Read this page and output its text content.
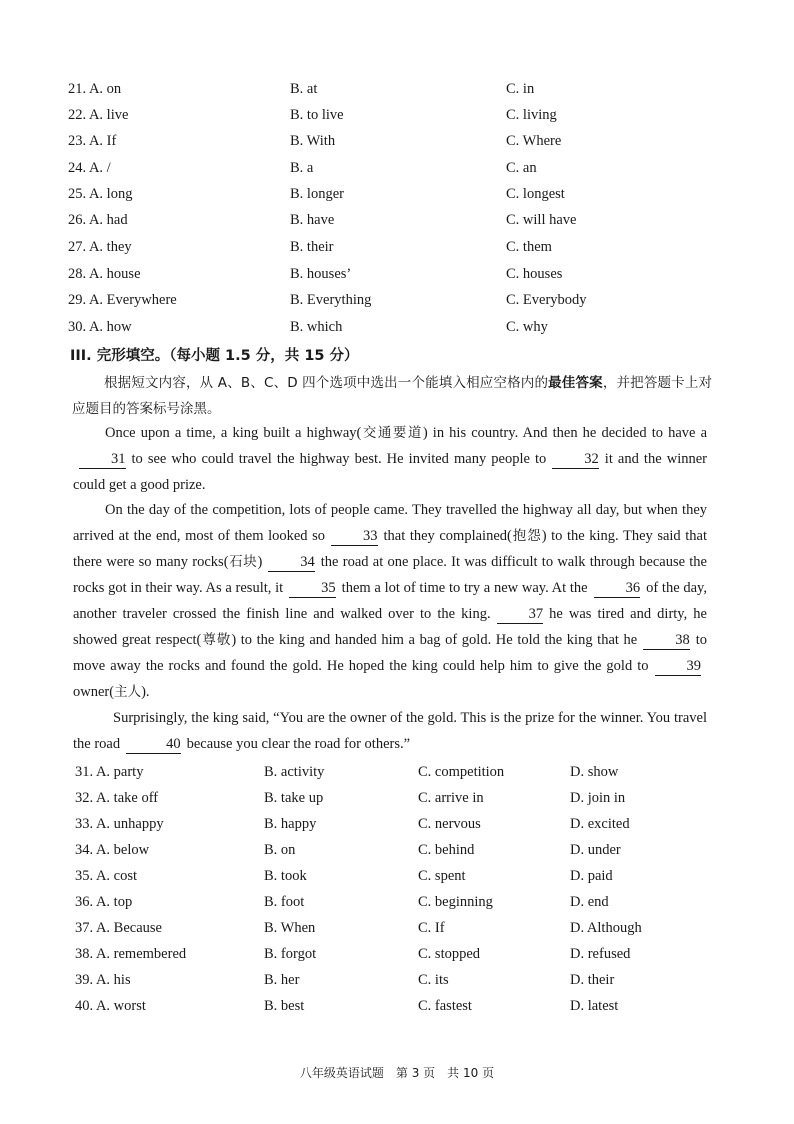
21. A. on	B. at	C. in
22. A. live	B. to live	C. living
23. A. If	B. With	C. Where
24. A. /	B. a	C. an
25. A. long	B. longer	C. longest
26. A. had	B. have	C. will have
27. A. they	B. their	C. them
28. A. house	B. houses’	C. houses
29. A. Everywhere	B. Everything	C. Everybody
30. A. how	B. which	C. why
III. 完形填空。（每小题 1.5 分，共 15 分）
根据短文内容，从 A、B、C、D 四个选项中选出一个能填入相应空格内的最佳答案，并把答题卡上对应题目的答案标号涂黑。
Once upon a time, a king built a highway(交通要道) in his country. And then he decided to have a31 to see who could travel the highway best. He invited many people to	32 it and the winner could get a good prize.
On the day of the competition, lots of people came. They travelled the highway all day, but when they arrived at the end, most of them looked so	33 that they complained(抱怨) to the king. They said that there were so many rocks(石块)	34 the road at one place. It was difficult to walk through because the rocks got in their way. As a result, it	35 them a lot of time to try a new way. At the	36 of the day, another traveler crossed the finish line and walked over to the king.	37 he was tired and dirty, he showed great respect(尊敬) to the king and handed him a bag of gold. He told the king that he	38 to move away the rocks and found the gold. He hoped the king could help him to give the gold to	39owner(主人).
Surprisingly, the king said, “You are the owner of the gold. This is the prize for the winner. You travel the road	40 because you clear the road for others.”
31. A. party	B. activity	C. competition	D. show
32. A. take off	B. take up	C. arrive in	D. join in
33. A. unhappy	B. happy	C. nervous	D. excited
34. A. below	B. on	C. behind	D. under
35. A. cost	B. took	C. spent	D. paid
36. A. top	B. foot	C. beginning	D. end
37. A. Because	B. When	C. If	D. Although
38. A. remembered	B. forgot	C. stopped	D. refused
39. A. his	B. her	C. its	D. their
40. A. worst	B. best	C. fastest	D. latest
八年级英语试题　第 3 页　共 10 页
